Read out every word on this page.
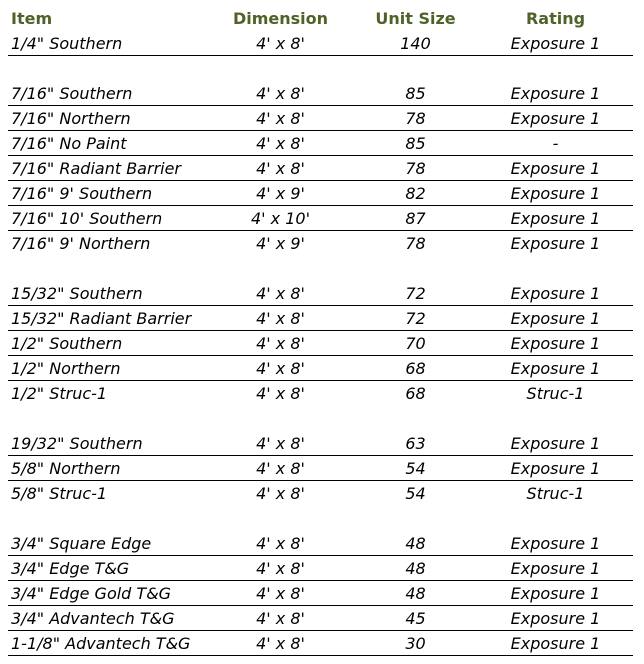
Item	Dimension	Unit Size	Rating
1/4" Southern	4' x 8'	140	Exposure 1
7/16" Southern	4' x 8'	85	Exposure 1
7/16" Northern	4' x 8'	78	Exposure 1
7/16" No Paint	4' x 8'	85	-
7/16" Radiant Barrier	4' x 8'	78	Exposure 1
7/16" 9' Southern	4' x 9'	82	Exposure 1
7/16" 10' Southern	4' x 10'	87	Exposure 1
7/16" 9' Northern	4' x 9'	78	Exposure 1
15/32" Southern	4' x 8'	72	Exposure 1
15/32" Radiant Barrier	4' x 8'	72	Exposure 1
1/2" Southern	4' x 8'	70	Exposure 1
1/2" Northern	4' x 8'	68	Exposure 1
1/2" Struc-1	4' x 8'	68	Struc-1
19/32" Southern	4' x 8'	63	Exposure 1
5/8" Northern	4' x 8'	54	Exposure 1
5/8" Struc-1	4' x 8'	54	Struc-1
3/4" Square Edge	4' x 8'	48	Exposure 1
3/4" Edge T&G	4' x 8'	48	Exposure 1
3/4" Edge Gold T&G	4' x 8'	48	Exposure 1
3/4" Advantech T&G	4' x 8'	45	Exposure 1
1-1/8" Advantech T&G	4' x 8'	30	Exposure 1
